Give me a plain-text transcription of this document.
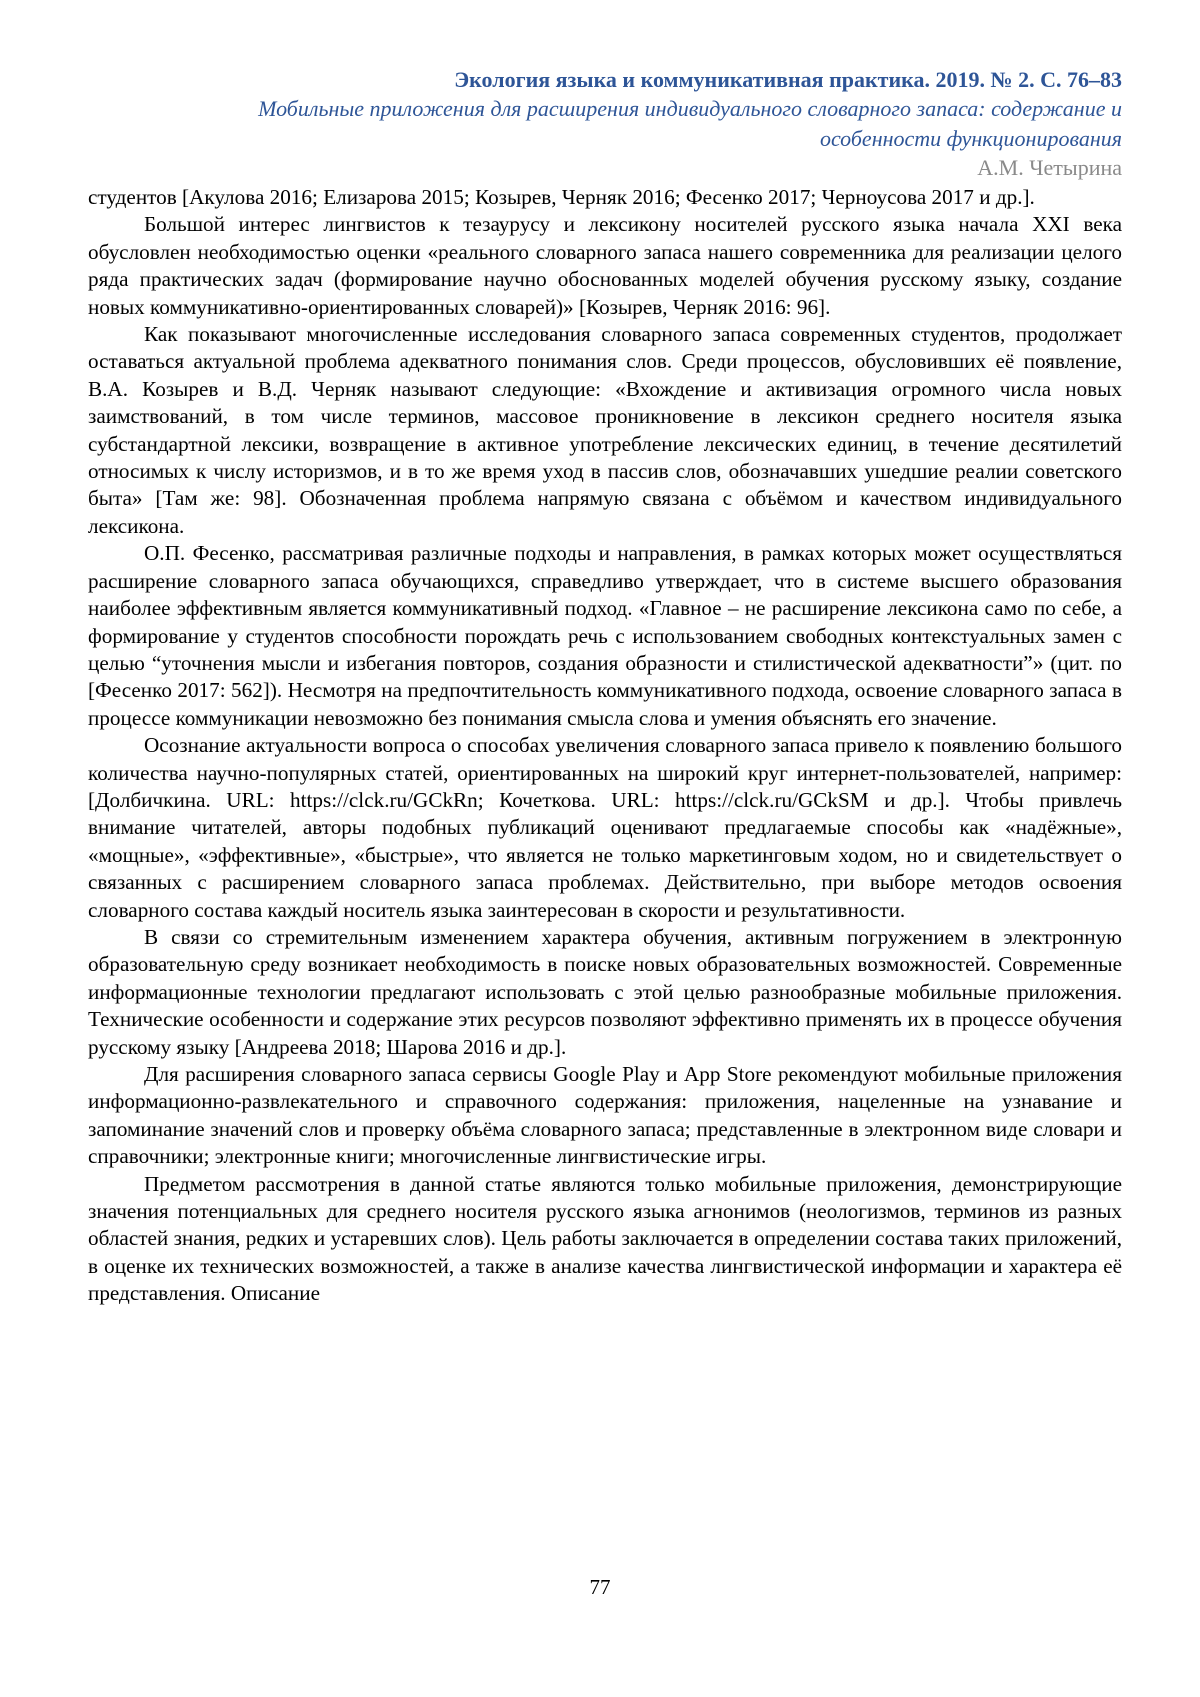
Экология языка и коммуникативная практика. 2019. № 2. С. 76–83

Мобильные приложения для расширения индивидуального словарного запаса: содержание и

особенности функционирования

А.М. Четырина

студентов [Акулова 2016; Елизарова 2015; Козырев, Черняк 2016; Фесенко 2017; Черноусова 2017 и др.].

Большой интерес лингвистов к тезаурусу и лексикону носителей русского языка начала XXI века обусловлен необходимостью оценки «реального словарного запаса нашего современника для реализации целого ряда практических задач (формирование научно обоснованных моделей обучения русскому языку, создание новых коммуникативно-ориентированных словарей)» [Козырев, Черняк 2016: 96].

Как показывают многочисленные исследования словарного запаса современных студентов, продолжает оставаться актуальной проблема адекватного понимания слов. Среди процессов, обусловивших её появление, В.А. Козырев и В.Д. Черняк называют следующие: «Вхождение и активизация огромного числа новых заимствований, в том числе терминов, массовое проникновение в лексикон среднего носителя языка субстандартной лексики, возвращение в активное употребление лексических единиц, в течение десятилетий относимых к числу историзмов, и в то же время уход в пассив слов, обозначавших ушедшие реалии советского быта» [Там же: 98]. Обозначенная проблема напрямую связана с объёмом и качеством индивидуального лексикона.

О.П. Фесенко, рассматривая различные подходы и направления, в рамках которых может осуществляться расширение словарного запаса обучающихся, справедливо утверждает, что в системе высшего образования наиболее эффективным является коммуникативный подход. «Главное – не расширение лексикона само по себе, а формирование у студентов способности порождать речь с использованием свободных контекстуальных замен с целью “уточнения мысли и избегания повторов, создания образности и стилистической адекватности”» (цит. по [Фесенко 2017: 562]). Несмотря на предпочтительность коммуникативного подхода, освоение словарного запаса в процессе коммуникации невозможно без понимания смысла слова и умения объяснять его значение.

Осознание актуальности вопроса о способах увеличения словарного запаса привело к появлению большого количества научно-популярных статей, ориентированных на широкий круг интернет-пользователей, например: [Долбичкина. URL: https://clck.ru/GCkRn; Кочеткова. URL: https://clck.ru/GCkSM и др.]. Чтобы привлечь внимание читателей, авторы подобных публикаций оценивают предлагаемые способы как «надёжные», «мощные», «эффективные», «быстрые», что является не только маркетинговым ходом, но и свидетельствует о связанных с расширением словарного запаса проблемах. Действительно, при выборе методов освоения словарного состава каждый носитель языка заинтересован в скорости и результативности.

В связи со стремительным изменением характера обучения, активным погружением в электронную образовательную среду возникает необходимость в поиске новых образовательных возможностей. Современные информационные технологии предлагают использовать с этой целью разнообразные мобильные приложения. Технические особенности и содержание этих ресурсов позволяют эффективно применять их в процессе обучения русскому языку [Андреева 2018; Шарова 2016 и др.].

Для расширения словарного запаса сервисы Google Play и App Store рекомендуют мобильные приложения информационно-развлекательного и справочного содержания: приложения, нацеленные на узнавание и запоминание значений слов и проверку объёма словарного запаса; представленные в электронном виде словари и справочники; электронные книги; многочисленные лингвистические игры.

Предметом рассмотрения в данной статье являются только мобильные приложения, демонстрирующие значения потенциальных для среднего носителя русского языка агнонимов (неологизмов, терминов из разных областей знания, редких и устаревших слов). Цель работы заключается в определении состава таких приложений, в оценке их технических возможностей, а также в анализе качества лингвистической информации и характера её представления. Описание

77
